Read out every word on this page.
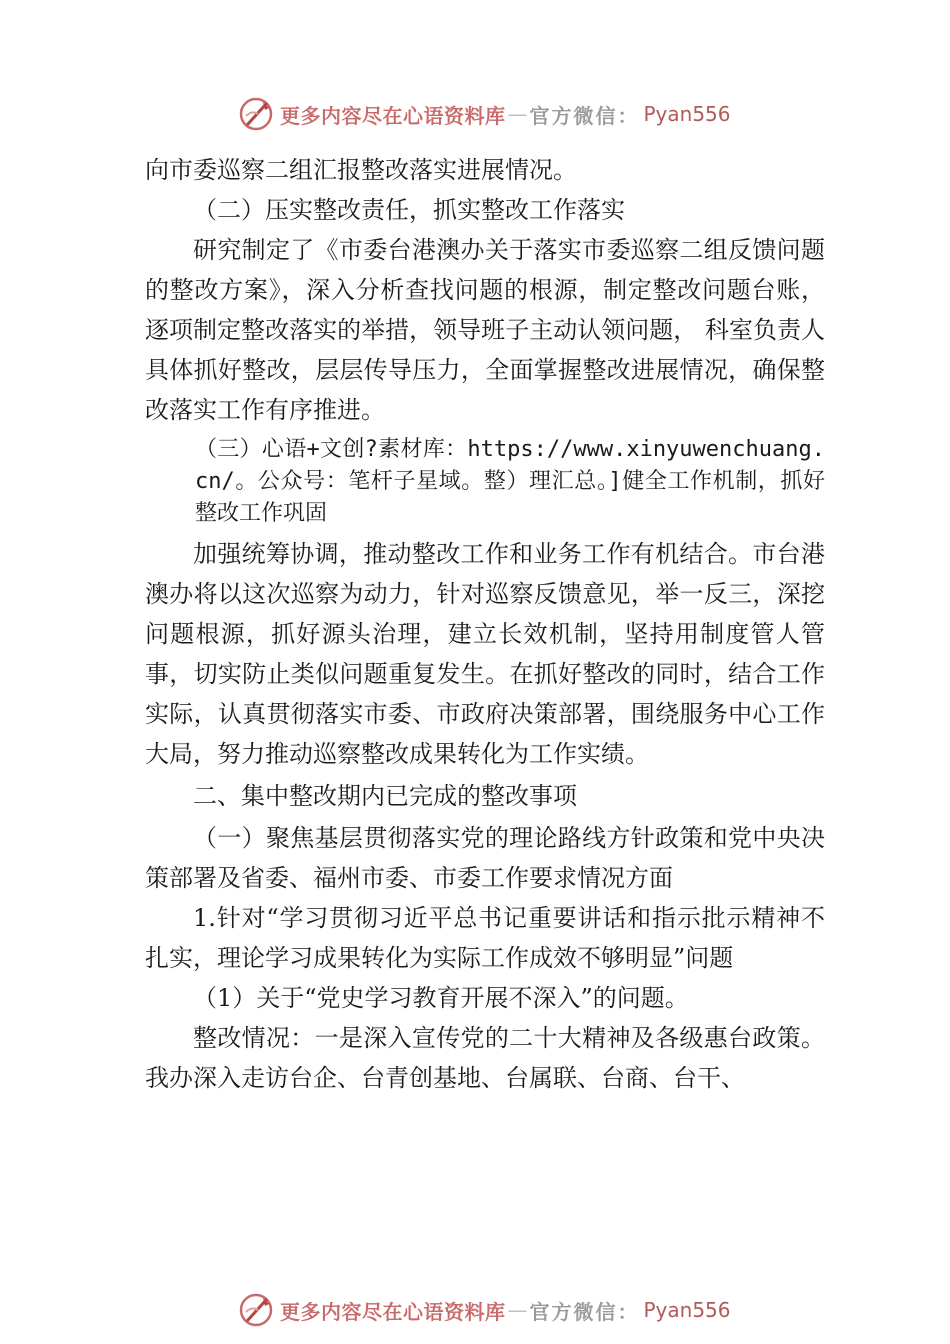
更多内容尽在心语资料库 — 官方微信： Pyan556

向市委巡察二组汇报整改落实进展情况。

（二）压实整改责任，抓实整改工作落实

研究制定了《市委台港澳办关于落实市委巡察二组反馈问题的整改方案》，深入分析查找问题的根源，制定整改问题台账，逐项制定整改落实的举措，领导班子主动认领问题， 科室负责人具体抓好整改，层层传导压力，全面掌握整改进展情况，确保整改落实工作有序推进。

（三）心语+文创?素材库：https://www.xinyuwenchuang.cn/。公众号：笔杆子星域。整）理汇总。]健全工作机制，抓好整改工作巩固

加强统筹协调，推动整改工作和业务工作有机结合。市台港澳办将以这次巡察为动力，针对巡察反馈意见，举一反三，深挖问题根源，抓好源头治理，建立长效机制，坚持用制度管人管事，切实防止类似问题重复发生。在抓好整改的同时，结合工作实际，认真贯彻落实市委、市政府决策部署，围绕服务中心工作大局，努力推动巡察整改成果转化为工作实绩。

二、集中整改期内已完成的整改事项

（一）聚焦基层贯彻落实党的理论路线方针政策和党中央决策部署及省委、福州市委、市委工作要求情况方面

1.针对“学习贯彻习近平总书记重要讲话和指示批示精神不扎实，理论学习成果转化为实际工作成效不够明显”问题

（1）关于“党史学习教育开展不深入”的问题。

整改情况：一是深入宣传党的二十大精神及各级惠台政策。我办深入走访台企、台青创基地、台属联、台商、台干、

更多内容尽在心语资料库 — 官方微信： Pyan556
